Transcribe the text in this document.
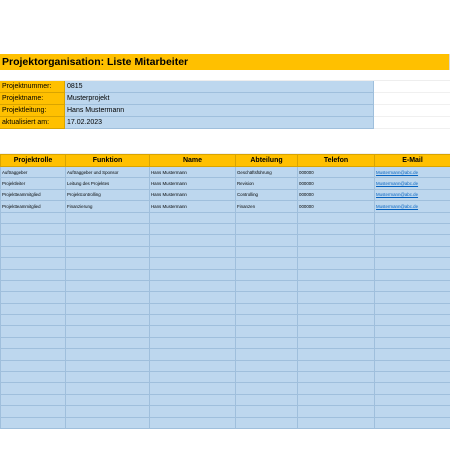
Projektorganisation: Liste Mitarbeiter
Projektnummer:	0815
Projektname:	Musterprojekt
Projektleitung:	Hans Mustermann
aktualisiert am:	17.02.2023
Projektrolle	Funktion	Name	Abteilung	Telefon	E-Mail
Auftraggeber	Auftraggeber und Sponsor	Hans Mustermann	Geschäftsführung	000000	Mustermann@abc.de
Projektleiter	Leitung des Projektes	Hans Mustermann	Revision	000000	Mustermann@abc.de
Projektteammitglied	Projektcontrolling	Hans Mustermann	Controlling	000000	Mustermann@abc.de
Projektteammitglied	Finanzierung	Hans Mustermann	Finanzen	000000	Mustermann@abc.de
